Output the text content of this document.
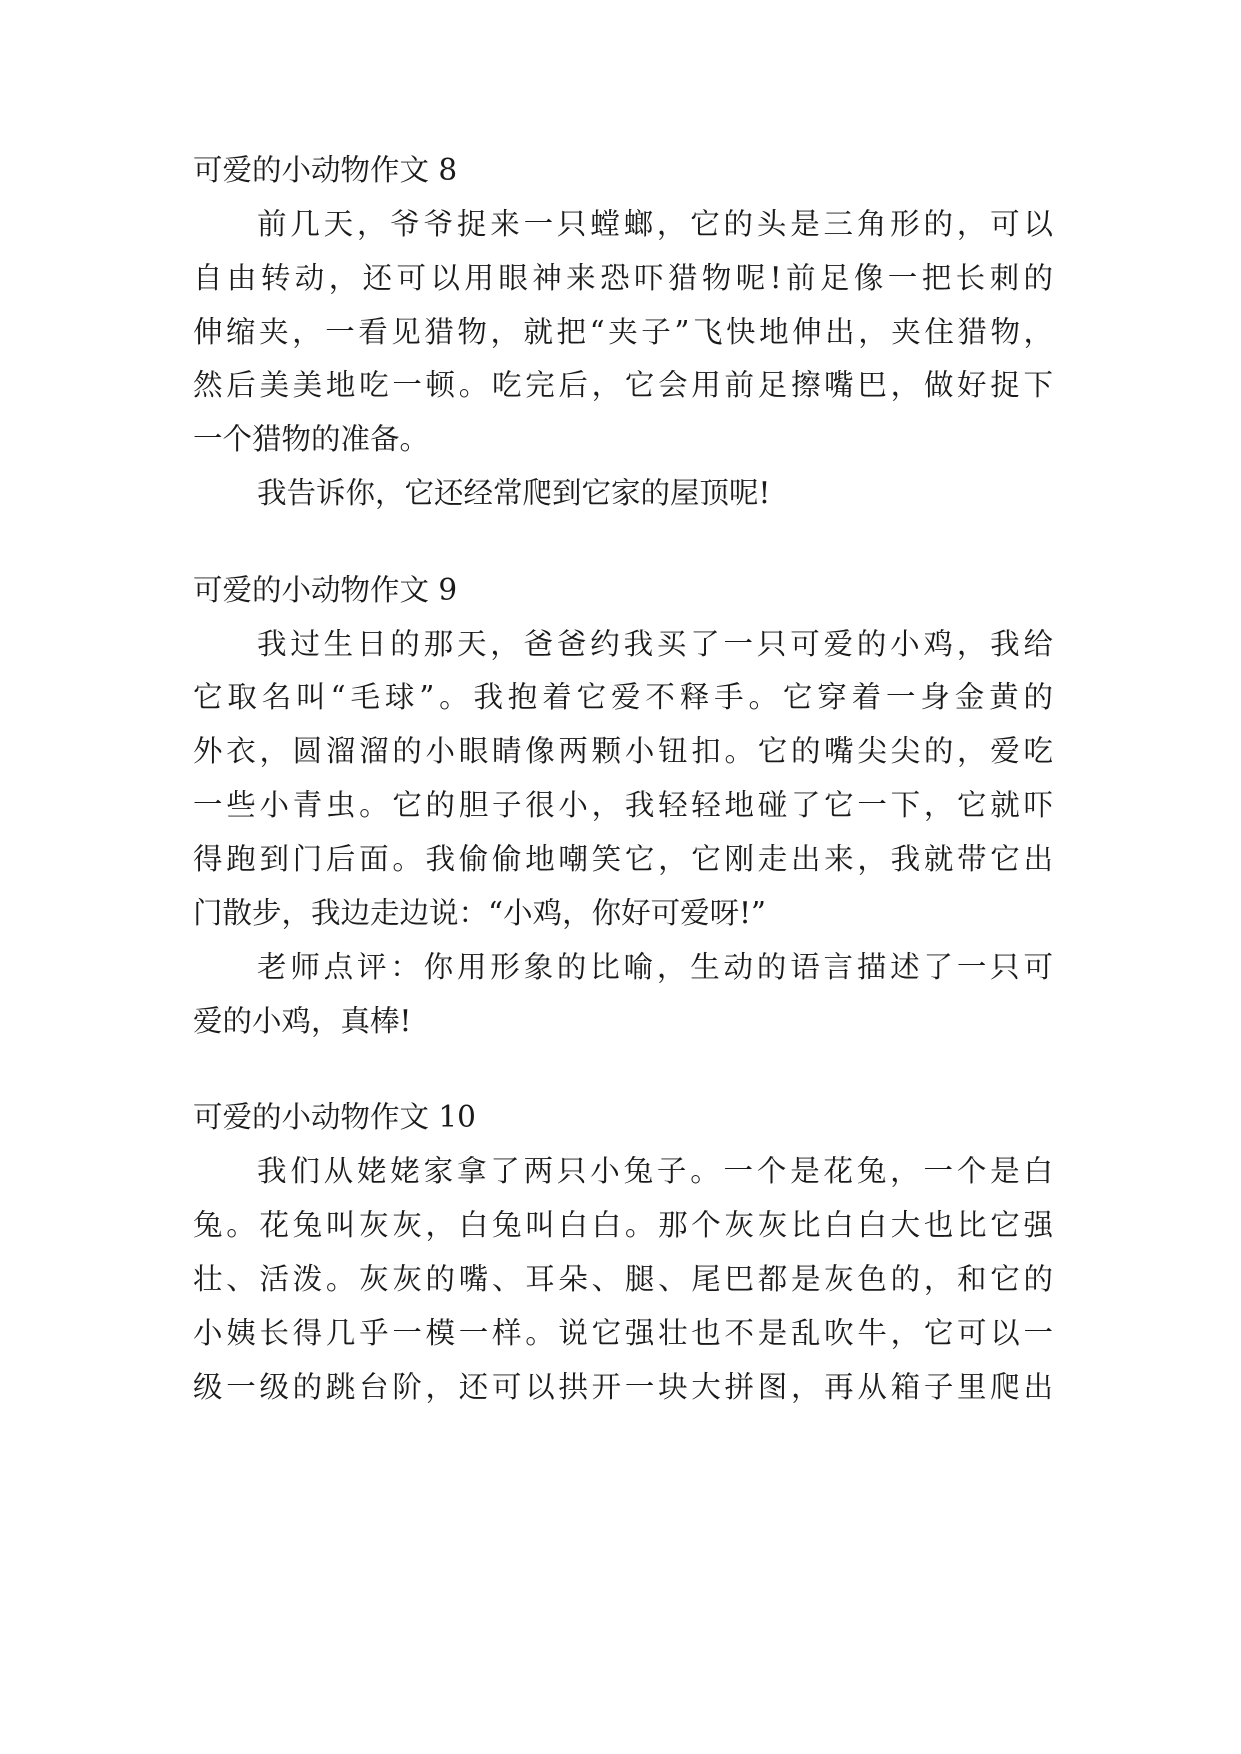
可爱的小动物作文 8

前几天，爷爷捉来一只螳螂，它的头是三角形的，可以

自由转动，还可以用眼神来恐吓猎物呢!前足像一把长刺的

伸缩夹，一看见猎物，就把“夹子”飞快地伸出，夹住猎物，

然后美美地吃一顿。吃完后，它会用前足擦嘴巴，做好捉下

一个猎物的准备。

我告诉你，它还经常爬到它家的屋顶呢!

可爱的小动物作文 9

我过生日的那天，爸爸约我买了一只可爱的小鸡，我给

它取名叫“毛球”。我抱着它爱不释手。它穿着一身金黄的

外衣，圆溜溜的小眼睛像两颗小钮扣。它的嘴尖尖的，爱吃

一些小青虫。它的胆子很小，我轻轻地碰了它一下，它就吓

得跑到门后面。我偷偷地嘲笑它，它刚走出来，我就带它出

门散步，我边走边说：“小鸡，你好可爱呀!”

老师点评：你用形象的比喻，生动的语言描述了一只可

爱的小鸡，真棒!

可爱的小动物作文 10

我们从姥姥家拿了两只小兔子。一个是花兔，一个是白

兔。花兔叫灰灰，白兔叫白白。那个灰灰比白白大也比它强

壮、活泼。灰灰的嘴、耳朵、腿、尾巴都是灰色的，和它的

小姨长得几乎一模一样。说它强壮也不是乱吹牛，它可以一

级一级的跳台阶，还可以拱开一块大拼图，再从箱子里爬出
